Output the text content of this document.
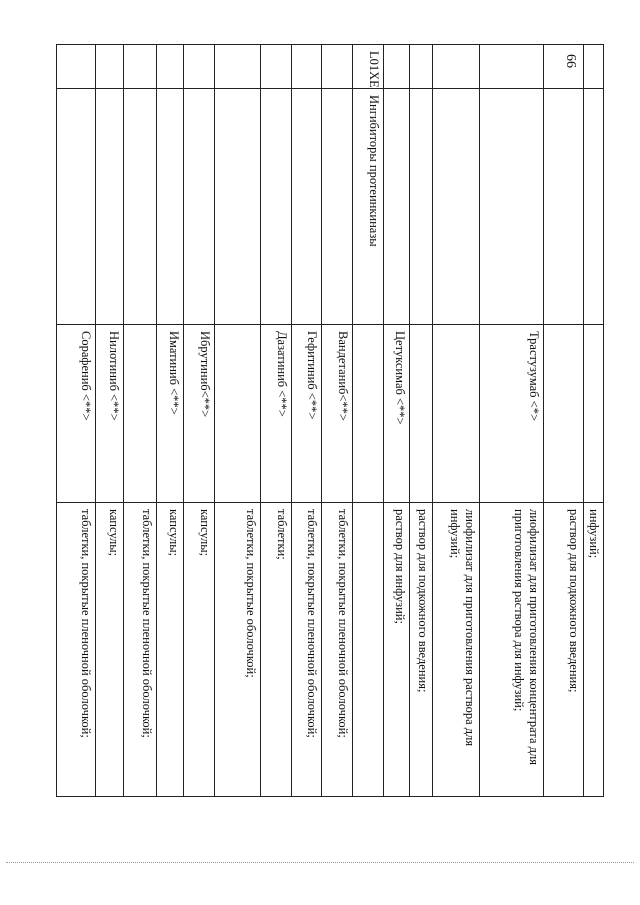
66
			инфузий;
			раствор для подкожного введения;
		Трастузумаб <*>	лиофилизат для приготовления концентрата для приготовления раствора для инфузий;
			лиофилизат для приготовления раствора для инфузий;
			раствор для подкожного введения;
		Цетуксимаб <**>	раствор для инфузий;
L01XE	Ингибиторы протеинкиназы		
		Вандетаниб<**>	таблетки, покрытые пленочной оболочкой;
		Гефитиниб <**>	таблетки, покрытые пленочной оболочкой;
		Дазатиниб <**>	таблетки;
			таблетки, покрытые оболочкой;
		Ибрутиниб<**>	капсулы;
		Иматиниб <**>	капсулы;
			таблетки, покрытые пленочной оболочкой;
		Нилотиниб <**>	капсулы;
		Сорафениб <**>	таблетки, покрытые пленочной оболочкой;
